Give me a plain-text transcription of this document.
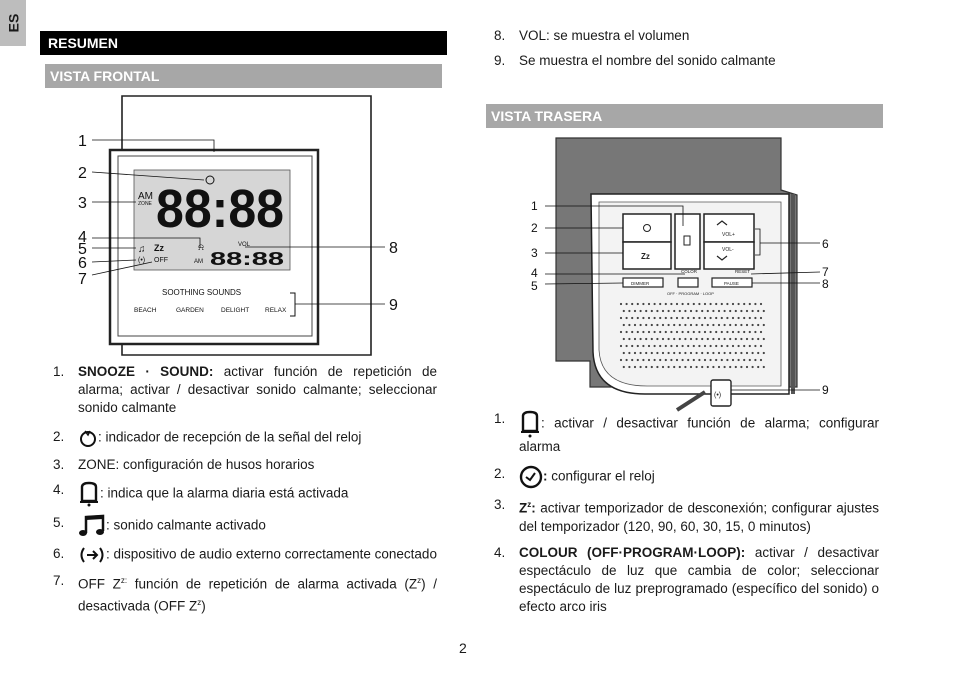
ES
RESUMEN
VISTA FRONTAL
AM
ZONE 88:88
VOL
AM 88:88
♫ Zz
(•) OFF
⍾
SOOTHING SOUNDS
BEACH	GARDEN	DELIGHT RELAX
1
2
3
4
5
6
7
8
9
1. SNOOZE · SOUND: activar función de repetición de alarma; activar / desactivar sonido calmante; seleccionar sonido calmante
2. : indicador de recepción de la señal del reloj
3. ZONE: configuración de husos horarios
4.	: indica que la alarma diaria está activada
5.	: sonido calmante activado
6.	: dispositivo de audio externo correctamente conectado
7. OFF $Z^{z:}$ función de repetición de alarma activada $(Z^z)$ / desactivada (OFF $Z^z$)
8. VOL: se muestra el volumen
9. Se muestra el nombre del sonido calmante
VISTA TRASERA
Zz
VOL+
VOL-
COLOR	RESET
DIMMER	PAUSE
OFF · PROGRAM · LOOP
(•)
1
2
3
4
5
6
7
8
9
1.	: activar / desactivar función de alarma; configurar alarma
2.	: configurar el reloj
3. $Z^z$: activar temporizador de desconexión; configurar ajustes del temporizador (120, 90, 60, 30, 15, 0 minutos)
4. COLOUR (OFF·PROGRAM·LOOP): activar / desactivar espectáculo de luz que cambia de color; seleccionar espectáculo de luz preprogramado (específico del sonido) o efecto arco iris
2
